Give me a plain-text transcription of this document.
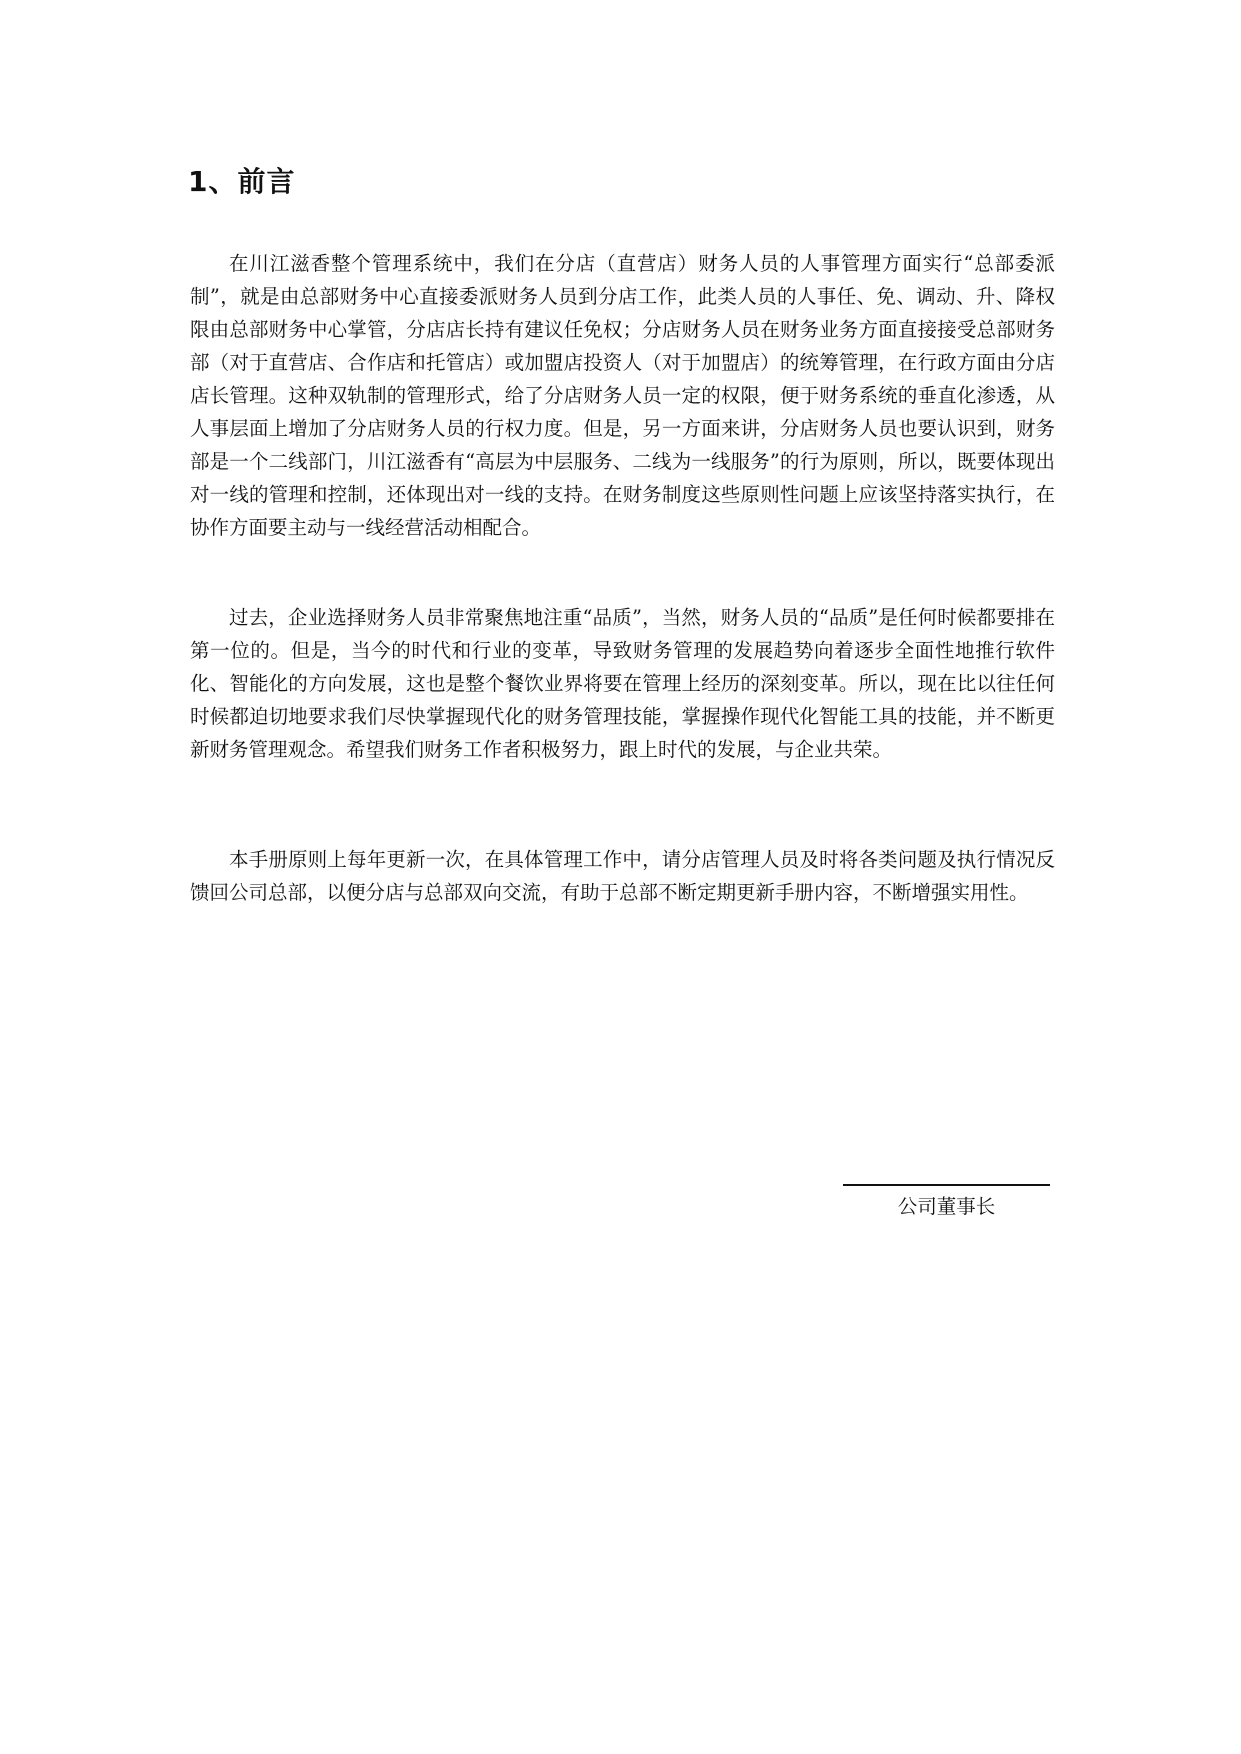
1、前言

在川江滋香整个管理系统中，我们在分店（直营店）财务人员的人事管理方面实行“总部委派制”，就是由总部财务中心直接委派财务人员到分店工作，此类人员的人事任、免、调动、升、降权限由总部财务中心掌管，分店店长持有建议任免权；分店财务人员在财务业务方面直接接受总部财务部（对于直营店、合作店和托管店）或加盟店投资人（对于加盟店）的统筹管理，在行政方面由分店店长管理。这种双轨制的管理形式，给了分店财务人员一定的权限，便于财务系统的垂直化渗透，从人事层面上增加了分店财务人员的行权力度。但是，另一方面来讲，分店财务人员也要认识到，财务部是一个二线部门，川江滋香有“高层为中层服务、二线为一线服务”的行为原则，所以，既要体现出对一线的管理和控制，还体现出对一线的支持。在财务制度这些原则性问题上应该坚持落实执行，在协作方面要主动与一线经营活动相配合。

过去，企业选择财务人员非常聚焦地注重“品质”，当然，财务人员的“品质”是任何时候都要排在第一位的。但是，当今的时代和行业的变革，导致财务管理的发展趋势向着逐步全面性地推行软件化、智能化的方向发展，这也是整个餐饮业界将要在管理上经历的深刻变革。所以，现在比以往任何时候都迫切地要求我们尽快掌握现代化的财务管理技能，掌握操作现代化智能工具的技能，并不断更新财务管理观念。希望我们财务工作者积极努力，跟上时代的发展，与企业共荣。

本手册原则上每年更新一次，在具体管理工作中，请分店管理人员及时将各类问题及执行情况反馈回公司总部，以便分店与总部双向交流，有助于总部不断定期更新手册内容，不断增强实用性。

公司董事长
